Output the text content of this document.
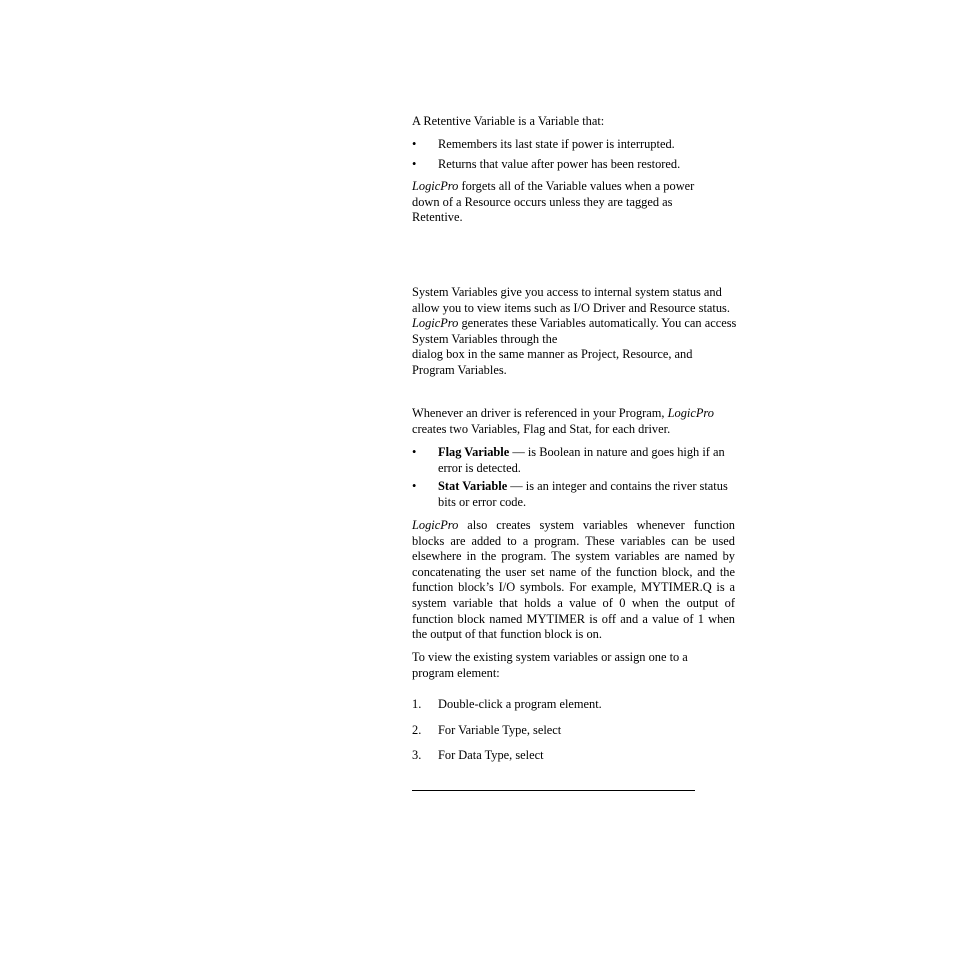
A Retentive Variable is a Variable that:

• Remembers its last state if power is interrupted.
• Returns that value after power has been restored.

LogicPro forgets all of the Variable values when a power down of a Resource occurs unless they are tagged as Retentive.

System Variables give you access to internal system status and allow you to view items such as I/O Driver and Resource status. LogicPro generates these Variables automatically. You can access System Variables through the
dialog box in the same manner as Project, Resource, and Program Variables.

Whenever an driver is referenced in your Program, LogicPro creates two Variables, Flag and Stat, for each driver.

• Flag Variable — is Boolean in nature and goes high if an error is detected.
• Stat Variable — is an integer and contains the river status bits or error code.

LogicPro also creates system variables whenever function blocks are added to a program. These variables can be used elsewhere in the program. The system variables are named by concatenating the user set name of the function block, and the function block’s I/O symbols. For example, MYTIMER.Q is a system variable that holds a value of 0 when the output of function block named MYTIMER is off and a value of 1 when the output of that function block is on.

To view the existing system variables or assign one to a program element:

1. Double-click a program element.
2. For Variable Type, select
3. For Data Type, select
